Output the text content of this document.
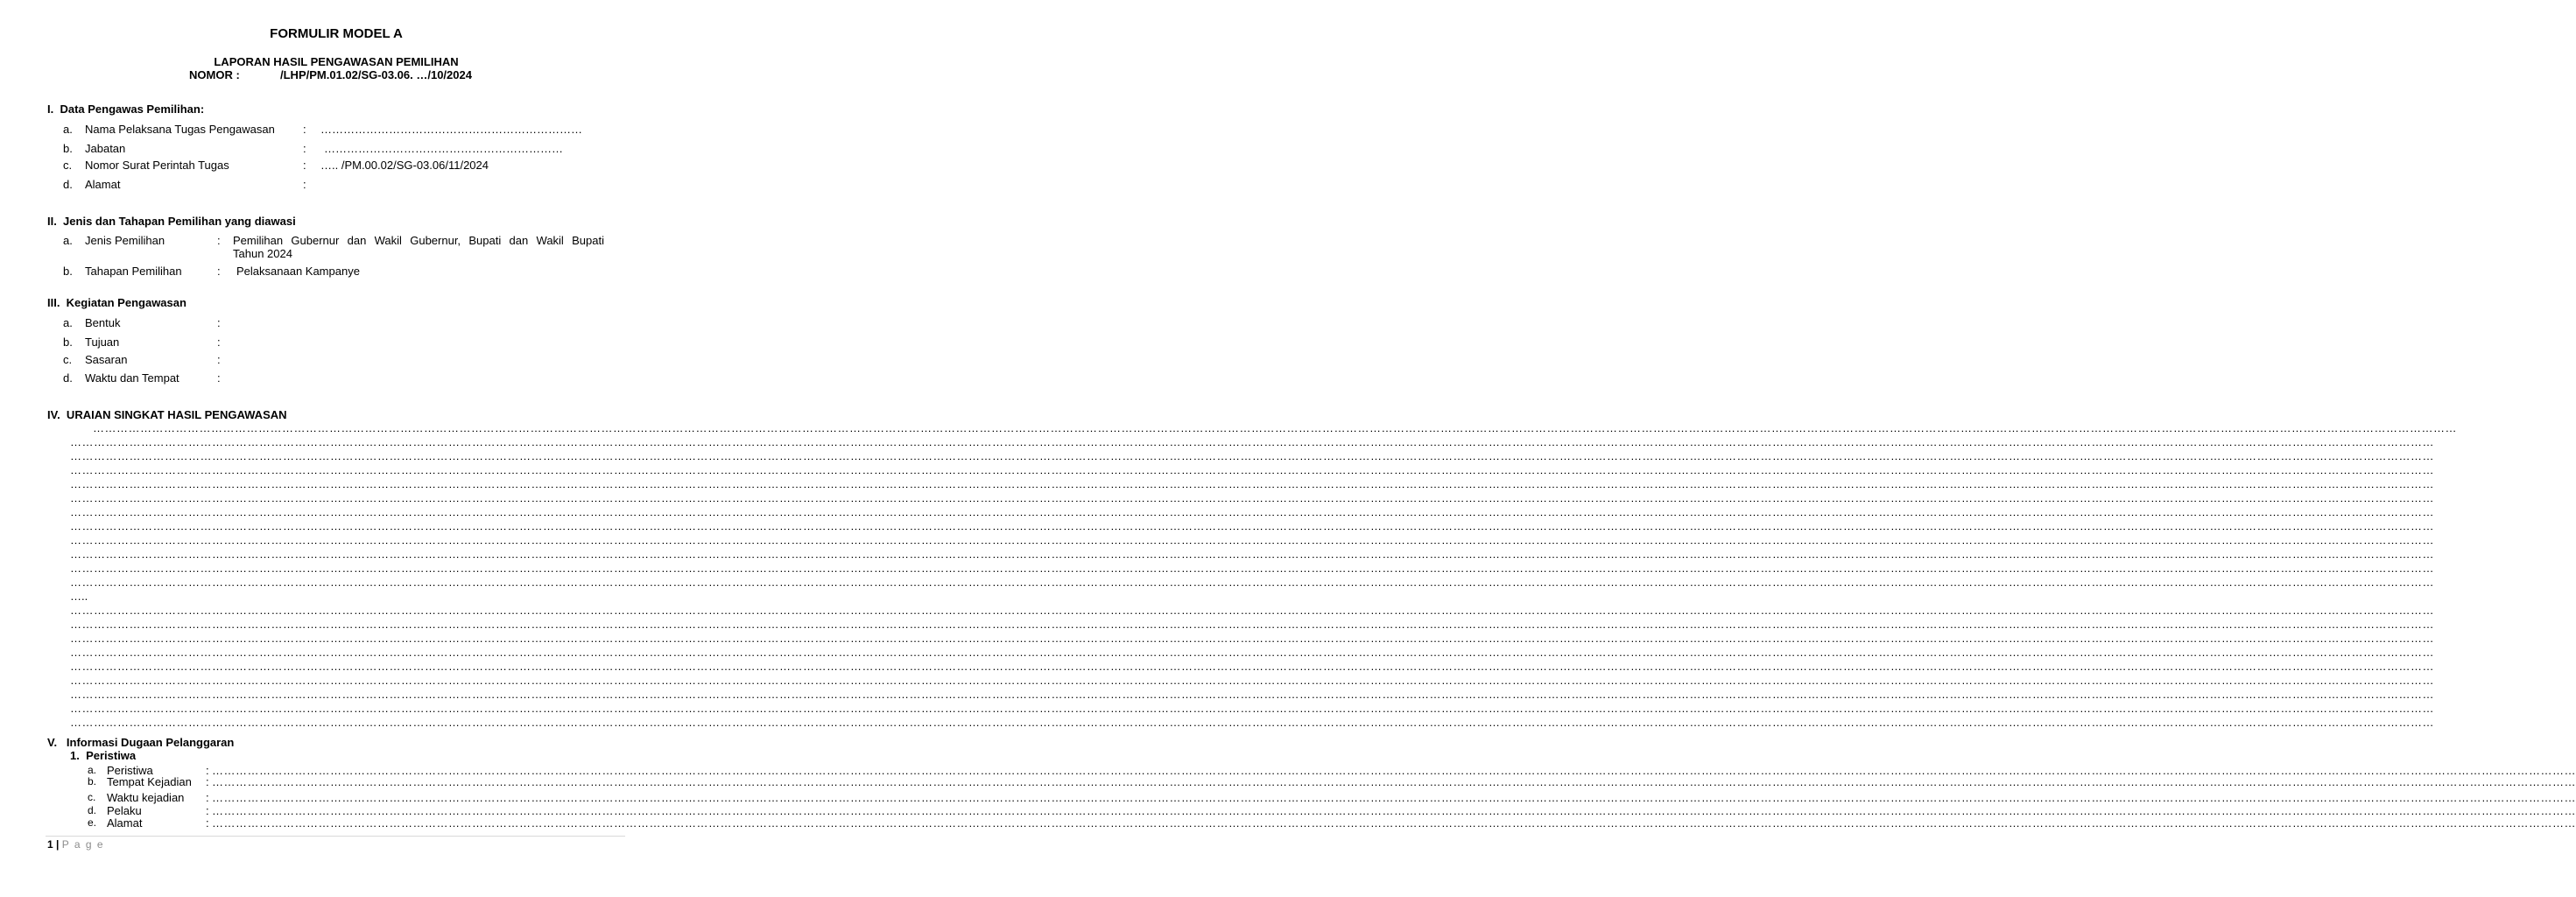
FORMULIR MODEL A
LAPORAN HASIL PENGAWASAN PEMILIHAN
NOMOR :	/LHP/PM.01.02/SG-03.06. …/10/2024
I.  Data Pengawas Pemilihan:
a. Nama Pelaksana Tugas Pengawasan : ……………………………………………………………
b. Jabatan	: ………………………………………………………
c. Nomor Surat Perintah Tugas	: ….. /PM.00.02/SG-03.06/11/2024
d. Alamat	:
II.  Jenis dan Tahapan Pemilihan yang diawasi
a. Jenis Pemilihan	: Pemilihan Gubernur dan Wakil Gubernur, Bupati dan Wakil Bupati
Tahun 2024
b. Tahapan Pemilihan	: Pelaksanaan Kampanye
III.  Kegiatan Pengawasan
a. Bentuk	:
b. Tujuan	:
c. Sasaran	:
d. Waktu dan Tempat	:
IV.  URAIAN SINGKAT HASIL PENGAWASAN
……………………………………………………………………………………………………………………………………………………………………………………………………………………………………………………………………………………………………………………………………………………………………………………………………………………………………………………………………………………………………………………………………………………
……………………………………………………………………………………………………………………………………………………………………………………………………………………………………………………………………………………………………………………………………………………………………………………………………………………………………………………………………………………………………………………………………………………
……………………………………………………………………………………………………………………………………………………………………………………………………………………………………………………………………………………………………………………………………………………………………………………………………………………………………………………………………………………………………………………………………………………
……………………………………………………………………………………………………………………………………………………………………………………………………………………………………………………………………………………………………………………………………………………………………………………………………………………………………………………………………………………………………………………………………………………
……………………………………………………………………………………………………………………………………………………………………………………………………………………………………………………………………………………………………………………………………………………………………………………………………………………………………………………………………………………………………………………………………………………
……………………………………………………………………………………………………………………………………………………………………………………………………………………………………………………………………………………………………………………………………………………………………………………………………………………………………………………………………………………………………………………………………………………
……………………………………………………………………………………………………………………………………………………………………………………………………………………………………………………………………………………………………………………………………………………………………………………………………………………………………………………………………………………………………………………………………………………
……………………………………………………………………………………………………………………………………………………………………………………………………………………………………………………………………………………………………………………………………………………………………………………………………………………………………………………………………………………………………………………………………………………
……………………………………………………………………………………………………………………………………………………………………………………………………………………………………………………………………………………………………………………………………………………………………………………………………………………………………………………………………………………………………………………………………………………
……………………………………………………………………………………………………………………………………………………………………………………………………………………………………………………………………………………………………………………………………………………………………………………………………………………………………………………………………………………………………………………………………………………
……………………………………………………………………………………………………………………………………………………………………………………………………………………………………………………………………………………………………………………………………………………………………………………………………………………………………………………………………………………………………………………………………………………
……………………………………………………………………………………………………………………………………………………………………………………………………………………………………………………………………………………………………………………………………………………………………………………………………………………………………………………………………………………………………………………………………………………
…..
……………………………………………………………………………………………………………………………………………………………………………………………………………………………………………………………………………………………………………………………………………………………………………………………………………………………………………………………………………………………………………………………………………………
……………………………………………………………………………………………………………………………………………………………………………………………………………………………………………………………………………………………………………………………………………………………………………………………………………………………………………………………………………………………………………………………………………………
……………………………………………………………………………………………………………………………………………………………………………………………………………………………………………………………………………………………………………………………………………………………………………………………………………………………………………………………………………………………………………………………………………………
……………………………………………………………………………………………………………………………………………………………………………………………………………………………………………………………………………………………………………………………………………………………………………………………………………………………………………………………………………………………………………………………………………………
……………………………………………………………………………………………………………………………………………………………………………………………………………………………………………………………………………………………………………………………………………………………………………………………………………………………………………………………………………………………………………………………………………………
……………………………………………………………………………………………………………………………………………………………………………………………………………………………………………………………………………………………………………………………………………………………………………………………………………………………………………………………………………………………………………………………………………………
……………………………………………………………………………………………………………………………………………………………………………………………………………………………………………………………………………………………………………………………………………………………………………………………………………………………………………………………………………………………………………………………………………………
……………………………………………………………………………………………………………………………………………………………………………………………………………………………………………………………………………………………………………………………………………………………………………………………………………………………………………………………………………………………………………………………………………………
……………………………………………………………………………………………………………………………………………………………………………………………………………………………………………………………………………………………………………………………………………………………………………………………………………………………………………………………………………………………………………………………………………………
V.   Informasi Dugaan Pelanggaran
1.  Peristiwa
a. Peristiwa	: ……………………………………………………………………………………………………………………………………………………………………………………………………………………………………………………………………………………………………………………………………………………………………………………………………………………………………………………………………………………………………………………………………………………
b. Tempat Kejadian : ……………………………………………………………………………………………………………………………………………………………………………………………………………………………………………………………………………………………………………………………………………………………………………………………………………………………………………………………………………………………………………………………………………………
c. Waktu kejadian : ……………………………………………………………………………………………………………………………………………………………………………………………………………………………………………………………………………………………………………………………………………………………………………………………………………………………………………………………………………………………………………………………………………………
d. Pelaku	: ……………………………………………………………………………………………………………………………………………………………………………………………………………………………………………………………………………………………………………………………………………………………………………………………………………………………………………………………………………………………………………………………………………………
e. Alamat	: ……………………………………………………………………………………………………………………………………………………………………………………………………………………………………………………………………………………………………………………………………………………………………………………………………………………………………………………………………………………………………………………………………………………
1 | P a g e
